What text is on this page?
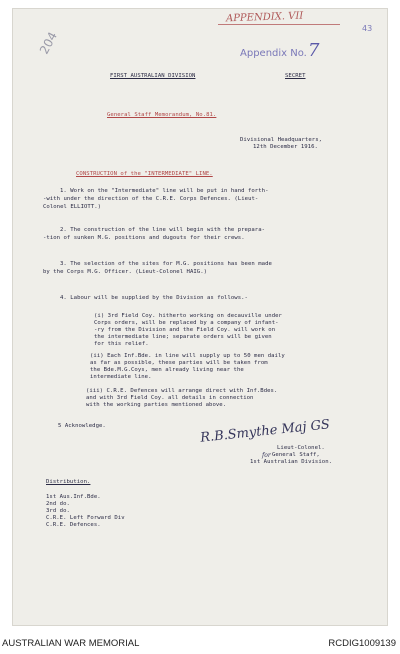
APPENDIX. VII
43
204	Appendix No. 7
FIRST AUSTRALIAN DIVISION	SECRET
General Staff Memorandum, No.81.
Divisional Headquarters,
12th December 1916.
CONSTRUCTION of the "INTERMEDIATE" LINE.
1. Work on the "Intermediate" line will be put in hand forth-
-with under the direction of the C.R.E. Corps Defences. (Lieut-
Colonel ELLIOTT.)
2. The construction of the line will begin with the prepara-
-tion of sunken M.G. positions and dugouts for their crews.
3. The selection of the sites for M.G. positions has been made
by the Corps M.G. Officer. (Lieut-Colonel HAIG.)
4. Labour will be supplied by the Division as follows.-
(i) 3rd Field Coy. hitherto working on decauville under
Corps orders, will be replaced by a company of infant-
-ry from the Division and the Field Coy. will work on
the intermediate line; separate orders will be given
for this relief.
(ii) Each Inf.Bde. in line will supply up to 50 men daily
as far as possible, these parties will be taken from
the Bde.M.G.Coys, men already living near the
intermediate line.
(iii) C.R.E. Defences will arrange direct with Inf.Bdes.
and with 3rd Field Coy. all details in connection
with the working parties mentioned above.
5 Acknowledge.	R.B.Smythe Maj GS
for
Lieut-Colonel.
General Staff,
1st Australian Division.
Distribution.
1st Aus.Inf.Bde.
2nd do.
3rd do.
C.R.E. Left Forward Div
C.R.E. Defences.
AUSTRALIAN WAR MEMORIAL	RCDIG1009139
